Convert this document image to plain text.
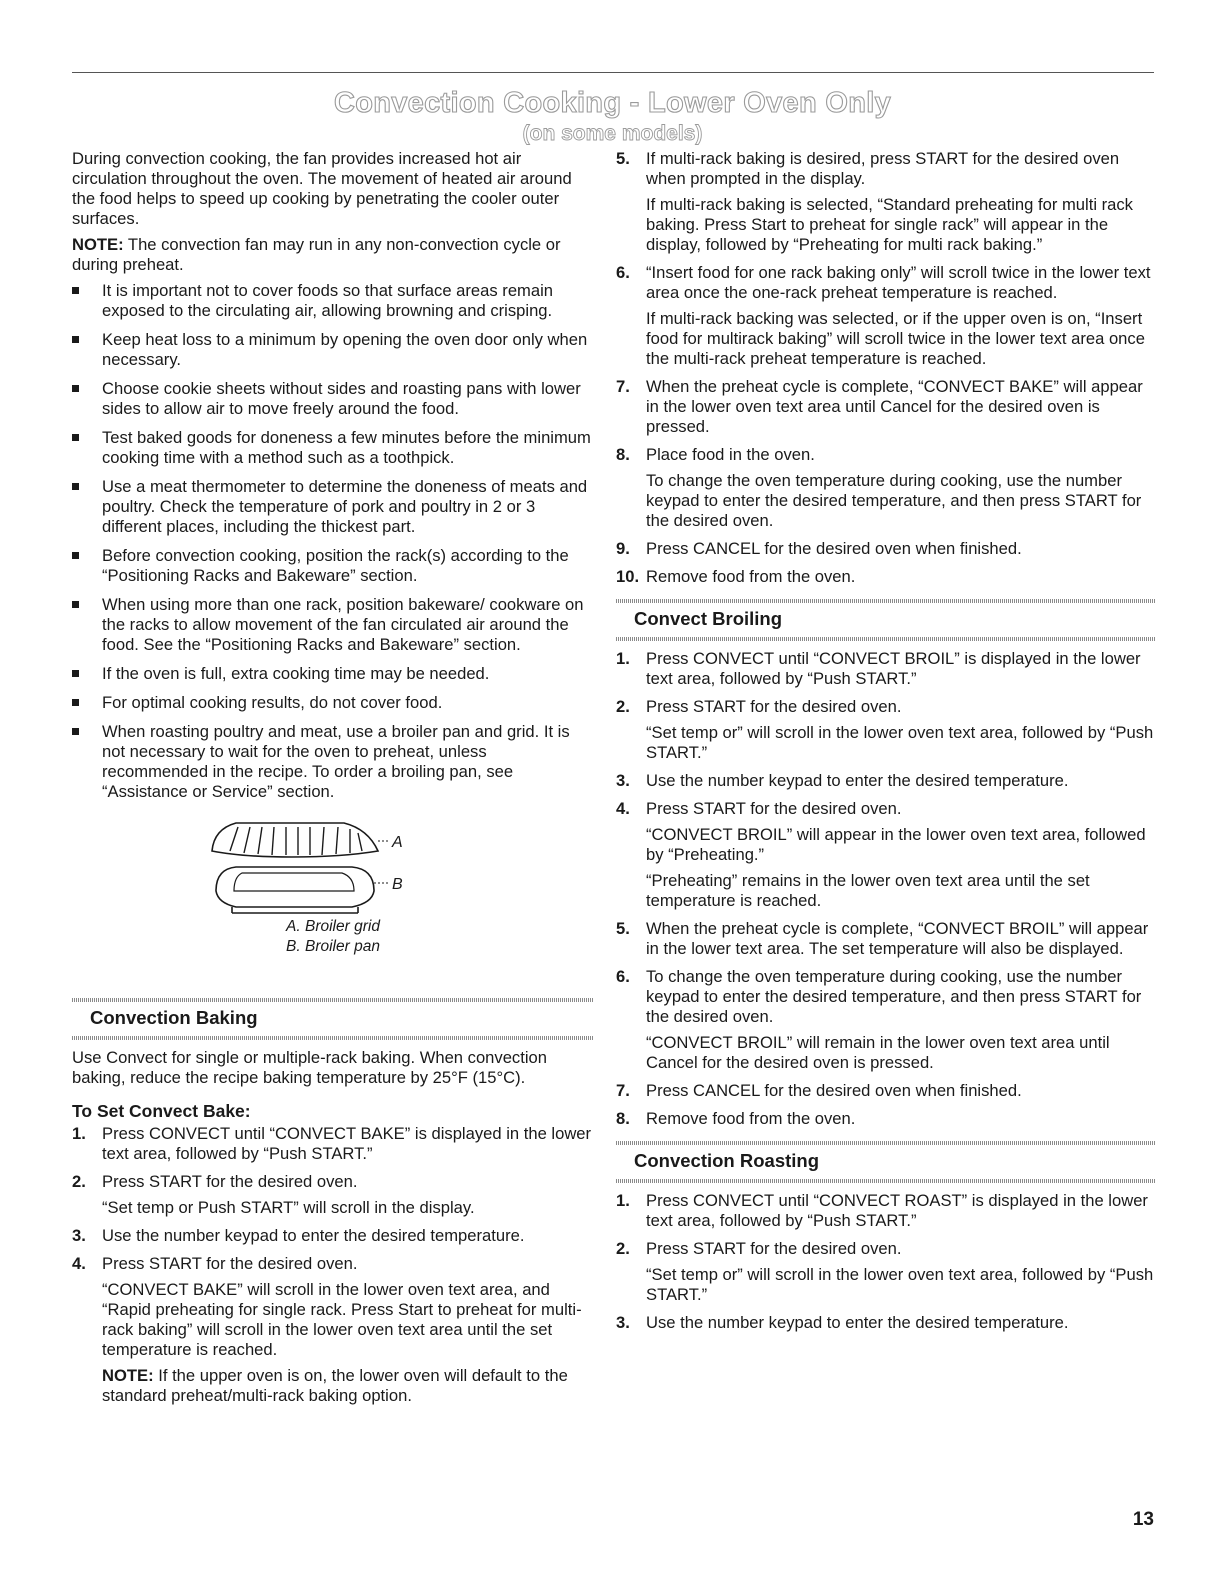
Convection Cooking - Lower Oven Only
(on some models)

During convection cooking, the fan provides increased hot air circulation throughout the oven. The movement of heated air around the food helps to speed up cooking by penetrating the cooler outer surfaces.

NOTE: The convection fan may run in any non-convection cycle or during preheat.

It is important not to cover foods so that surface areas remain exposed to the circulating air, allowing browning and crisping.
Keep heat loss to a minimum by opening the oven door only when necessary.
Choose cookie sheets without sides and roasting pans with lower sides to allow air to move freely around the food.
Test baked goods for doneness a few minutes before the minimum cooking time with a method such as a toothpick.
Use a meat thermometer to determine the doneness of meats and poultry. Check the temperature of pork and poultry in 2 or 3 different places, including the thickest part.
Before convection cooking, position the rack(s) according to the “Positioning Racks and Bakeware” section.
When using more than one rack, position bakeware/ cookware on the racks to allow movement of the fan circulated air around the food. See the “Positioning Racks and Bakeware” section.
If the oven is full, extra cooking time may be needed.
For optimal cooking results, do not cover food.
When roasting poultry and meat, use a broiler pan and grid. It is not necessary to wait for the oven to preheat, unless recommended in the recipe. To order a broiling pan, see “Assistance or Service” section.
A
B
A. Broiler grid
B. Broiler pan
Convection Baking

Use Convect for single or multiple-rack baking. When convection baking, reduce the recipe baking temperature by 25°F (15°C).

To Set Convect Bake:
1. Press CONVECT until “CONVECT BAKE” is displayed in the lower text area, followed by “Push START.”

2. Press START for the desired oven.

“Set temp or Push START” will scroll in the display.

3. Use the number keypad to enter the desired temperature.

4. Press START for the desired oven.

“CONVECT BAKE” will scroll in the lower oven text area, and “Rapid preheating for single rack. Press Start to preheat for multi-rack baking” will scroll in the lower oven text area until the set temperature is reached.

NOTE: If the upper oven is on, the lower oven will default to the standard preheat/multi-rack baking option.

5. If multi-rack baking is desired, press START for the desired oven when prompted in the display.

If multi-rack baking is selected, “Standard preheating for multi rack baking. Press Start to preheat for single rack” will appear in the display, followed by “Preheating for multi rack baking.”

6. “Insert food for one rack baking only” will scroll twice in the lower text area once the one-rack preheat temperature is reached.

If multi-rack backing was selected, or if the upper oven is on, “Insert food for multirack baking” will scroll twice in the lower text area once the multi-rack preheat temperature is reached.

7. When the preheat cycle is complete, “CONVECT BAKE” will appear in the lower oven text area until Cancel for the desired oven is pressed.

8. Place food in the oven.

To change the oven temperature during cooking, use the number keypad to enter the desired temperature, and then press START for the desired oven.

9. Press CANCEL for the desired oven when finished.

10. Remove food from the oven.

Convect Broiling
1. Press CONVECT until “CONVECT BROIL” is displayed in the lower text area, followed by “Push START.”

2. Press START for the desired oven.

“Set temp or” will scroll in the lower oven text area, followed by “Push START.”

3. Use the number keypad to enter the desired temperature.

4. Press START for the desired oven.

“CONVECT BROIL” will appear in the lower oven text area, followed by “Preheating.”

“Preheating” remains in the lower oven text area until the set temperature is reached.

5. When the preheat cycle is complete, “CONVECT BROIL” will appear in the lower text area. The set temperature will also be displayed.

6. To change the oven temperature during cooking, use the number keypad to enter the desired temperature, and then press START for the desired oven.

“CONVECT BROIL” will remain in the lower oven text area until Cancel for the desired oven is pressed.

7. Press CANCEL for the desired oven when finished.

8. Remove food from the oven.

Convection Roasting
1. Press CONVECT until “CONVECT ROAST” is displayed in the lower text area, followed by “Push START.”

2. Press START for the desired oven.

“Set temp or” will scroll in the lower oven text area, followed by “Push START.”

3. Use the number keypad to enter the desired temperature.

13
